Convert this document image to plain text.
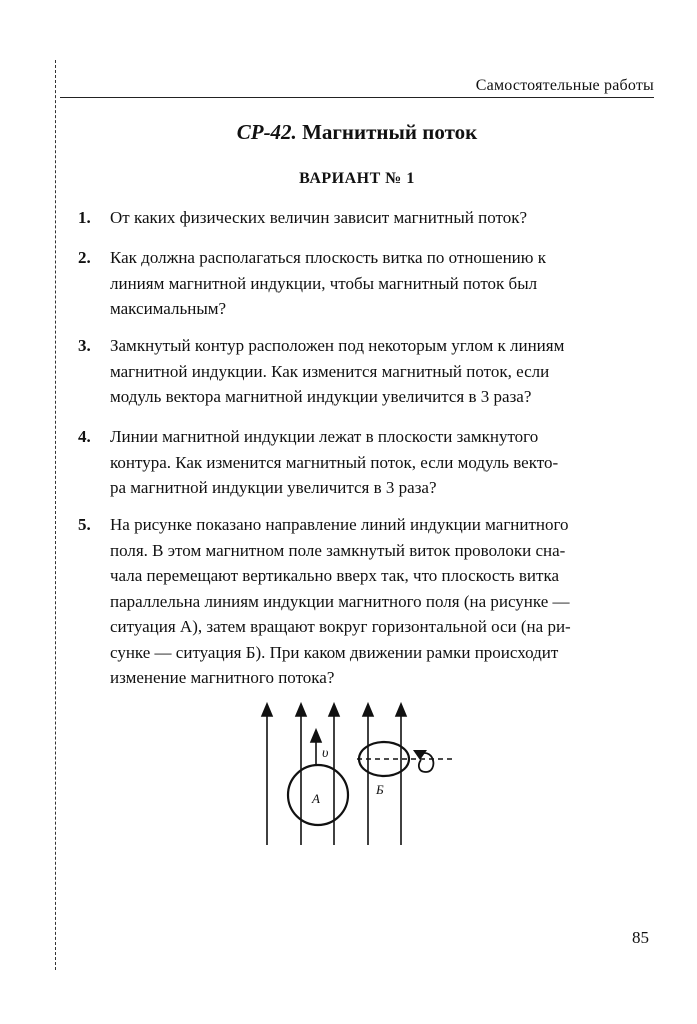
Самостоятельные работы
СР-42. Магнитный поток
ВАРИАНТ № 1
1. От каких физических величин зависит магнитный поток?
2. Как должна располагаться плоскость витка по отношению к
линиям магнитной индукции, чтобы магнитный поток был
максимальным?
3. Замкнутый контур расположен под некоторым углом к линиям
магнитной индукции. Как изменится магнитный поток, если
модуль вектора магнитной индукции увеличится в 3 раза?
4. Линии магнитной индукции лежат в плоскости замкнутого
контура. Как изменится магнитный поток, если модуль векто-
ра магнитной индукции увеличится в 3 раза?
5. На рисунке показано направление линий индукции магнитного
поля. В этом магнитном поле замкнутый виток проволоки сна-
чала перемещают вертикально вверх так, что плоскость витка
параллельна линиям индукции магнитного поля (на рисунке —
ситуация А), затем вращают вокруг горизонтальной оси (на ри-
сунке — ситуация Б). При каком движении рамки происходит
изменение магнитного потока?
υ
А
Б
85
